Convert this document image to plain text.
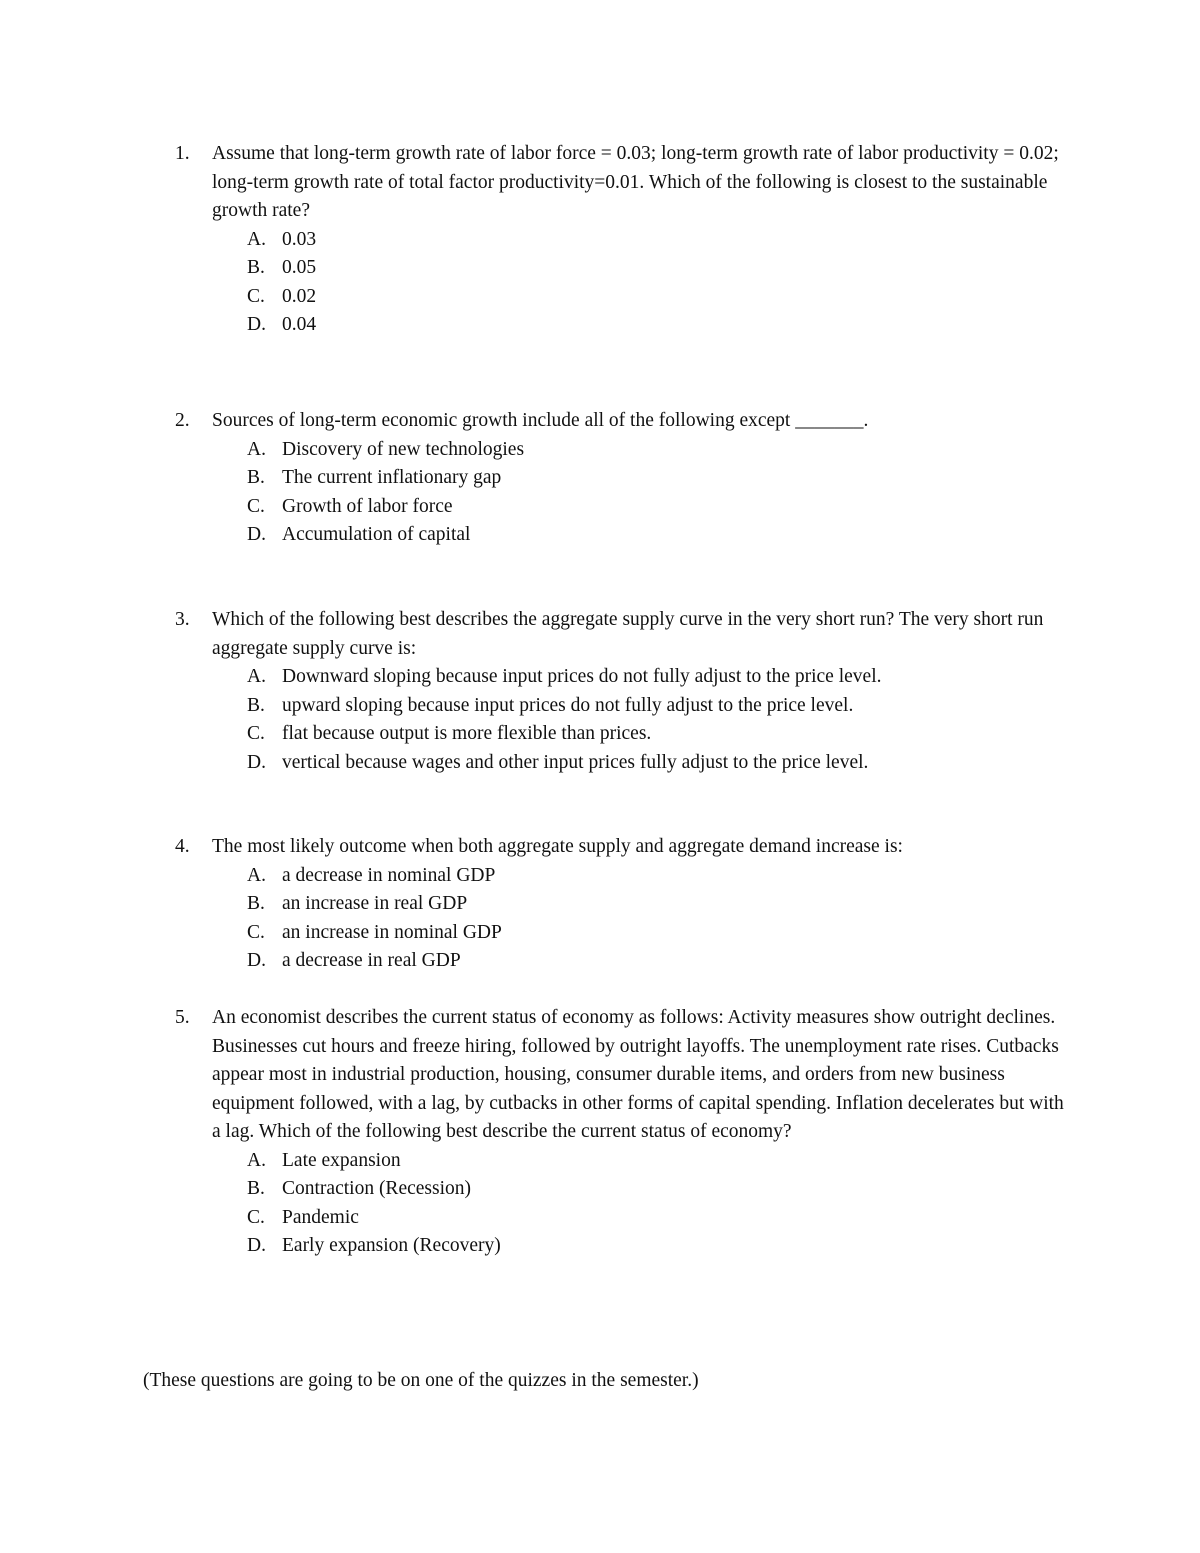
1. Assume that long-term growth rate of labor force = 0.03; long-term growth rate of labor productivity = 0.02; long-term growth rate of total factor productivity=0.01. Which of the following is closest to the sustainable growth rate?
A. 0.03
B. 0.05
C. 0.02
D. 0.04
2. Sources of long-term economic growth include all of the following except _______.
A. Discovery of new technologies
B. The current inflationary gap
C. Growth of labor force
D. Accumulation of capital
3. Which of the following best describes the aggregate supply curve in the very short run? The very short run aggregate supply curve is:
A. Downward sloping because input prices do not fully adjust to the price level.
B. upward sloping because input prices do not fully adjust to the price level.
C. flat because output is more flexible than prices.
D. vertical because wages and other input prices fully adjust to the price level.
4. The most likely outcome when both aggregate supply and aggregate demand increase is:
A. a decrease in nominal GDP
B. an increase in real GDP
C. an increase in nominal GDP
D. a decrease in real GDP
5. An economist describes the current status of economy as follows: Activity measures show outright declines. Businesses cut hours and freeze hiring, followed by outright layoffs. The unemployment rate rises. Cutbacks appear most in industrial production, housing, consumer durable items, and orders from new business equipment followed, with a lag, by cutbacks in other forms of capital spending. Inflation decelerates but with a lag. Which of the following best describe the current status of economy?
A. Late expansion
B. Contraction (Recession)
C. Pandemic
D. Early expansion (Recovery)
(These questions are going to be on one of the quizzes in the semester.)
